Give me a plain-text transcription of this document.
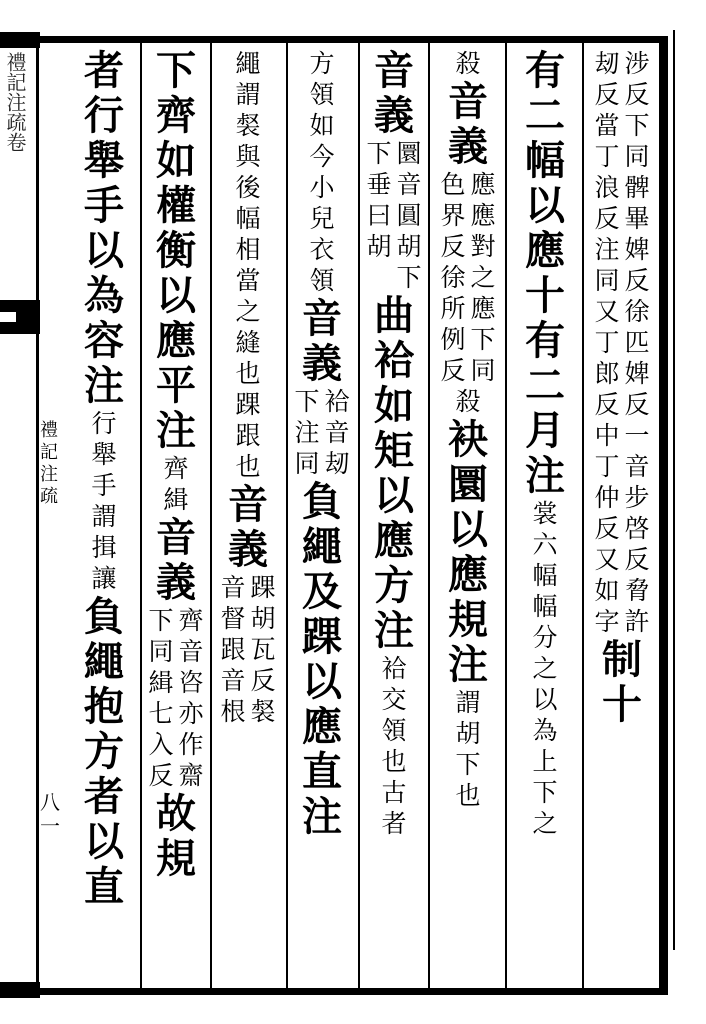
禮記注疏卷
禮
記
注
疏
八
一
涉
反
下
同
髀
畢
婢
反
徐
匹
婢
反
一
音
步
啓
反
脅
許
刼
反
當
丁
浪
反
注
同
又
丁
郎
反
中
丁
仲
反
又
如
字
制
十
有
二
幅
以
應
十
有
二
月
注
裳
六
幅
幅
分
之
以
為
上
下
之
殺
音
義
應
應
對
之
應
下
同
色
界
反
徐
所
例
反
殺
袂
圜
以
應
規
注
謂
胡
下
也
音
義
圜
音
圓
胡
下
下
垂
曰
胡
曲
袷
如
矩
以
應
方
注
袷
交
領
也
古
者
方
領
如
今
小
兒
衣
領
音
義
袷
音
刼
下
注
同
負
繩
及
踝
以
應
直
注
繩
謂
裻
與
後
幅
相
當
之
縫
也
踝
跟
也
音
義
踝
胡
瓦
反
裻
音
督
跟
音
根
下
齊
如
權
衡
以
應
平
注
齊
緝
音
義
齊
音
咨
亦
作
齋
下
同
緝
七
入
反
故
規
者
行
舉
手
以
為
容
注
行
舉
手
謂
揖
讓
負
繩
抱
方
者
以
直
